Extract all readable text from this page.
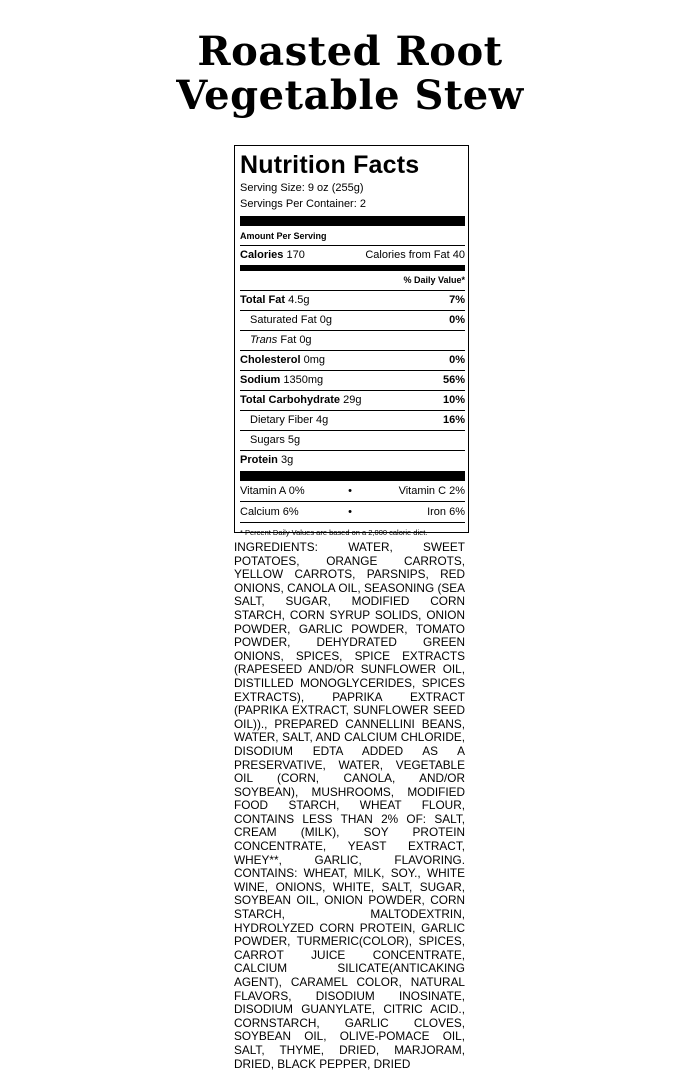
Roasted Root
Vegetable Stew
Nutrition Facts
Serving Size: 9 oz (255g)
Servings Per Container: 2
Amount Per Serving
Calories 170	Calories from Fat 40
% Daily Value*
Total Fat 4.5g	7%
Saturated Fat 0g	0%
Trans Fat 0g
Cholesterol 0mg	0%
Sodium 1350mg	56%
Total Carbohydrate 29g	10%
Dietary Fiber 4g	16%
Sugars 5g
Protein 3g
Vitamin A 0%	•	Vitamin C 2%
Calcium 6%	•	Iron 6%
* Percent Daily Values are based on a 2,000 calorie diet.
INGREDIENTS: WATER, SWEET POTATOES, ORANGE CARROTS, YELLOW CARROTS, PARSNIPS, RED ONIONS, CANOLA OIL, SEASONING (SEA SALT, SUGAR, MODIFIED CORN STARCH, CORN SYRUP SOLIDS, ONION POWDER, GARLIC POWDER, TOMATO POWDER, DEHYDRATED GREEN ONIONS, SPICES, SPICE EXTRACTS (RAPESEED AND/OR SUNFLOWER OIL, DISTILLED MONOGLYCERIDES, SPICES EXTRACTS), PAPRIKA EXTRACT (PAPRIKA EXTRACT, SUNFLOWER SEED OIL))., PREPARED CANNELLINI BEANS, WATER, SALT, AND CALCIUM CHLORIDE, DISODIUM EDTA ADDED AS A PRESERVATIVE, WATER, VEGETABLE OIL (CORN, CANOLA, AND/OR SOYBEAN), MUSHROOMS, MODIFIED FOOD STARCH, WHEAT FLOUR, CONTAINS LESS THAN 2% OF: SALT, CREAM (MILK), SOY PROTEIN CONCENTRATE, YEAST EXTRACT, WHEY**, GARLIC, FLAVORING. CONTAINS: WHEAT, MILK, SOY., WHITE WINE, ONIONS, WHITE, SALT, SUGAR, SOYBEAN OIL, ONION POWDER, CORN STARCH, MALTODEXTRIN, HYDROLYZED CORN PROTEIN, GARLIC POWDER, TURMERIC(COLOR), SPICES, CARROT JUICE CONCENTRATE, CALCIUM SILICATE(ANTICAKING AGENT), CARAMEL COLOR, NATURAL FLAVORS, DISODIUM INOSINATE, DISODIUM GUANYLATE, CITRIC ACID., CORNSTARCH, GARLIC CLOVES, SOYBEAN OIL, OLIVE-POMACE OIL, SALT, THYME, DRIED, MARJORAM, DRIED, BLACK PEPPER, DRIED
